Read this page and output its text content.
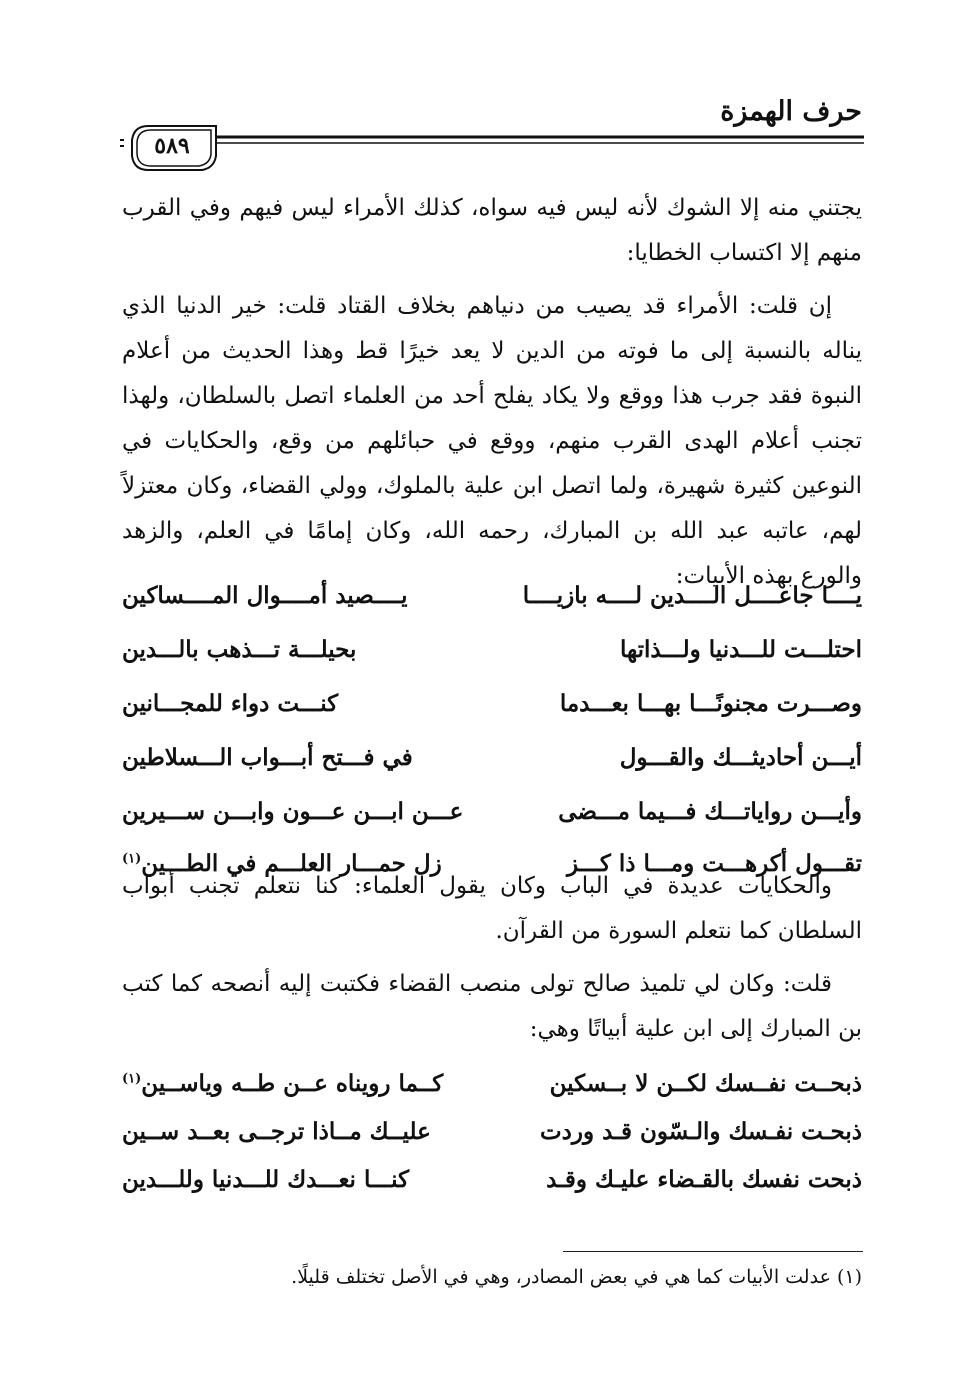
حرف الهمزة
٥٨٩

يجتني منه إلا الشوك لأنه ليس فيه سواه، كذلك الأمراء ليس فيهم وفي القرب منهم إلا اكتساب الخطايا:

إن قلت: الأمراء قد يصيب من دنياهم بخلاف القتاد قلت: خير الدنيا الذي يناله بالنسبة إلى ما فوته من الدين لا يعد خيرًا قط وهذا الحديث من أعلام النبوة فقد جرب هذا ووقع ولا يكاد يفلح أحد من العلماء اتصل بالسلطان، ولهذا تجنب أعلام الهدى القرب منهم، ووقع في حبائلهم من وقع، والحكايات في النوعين كثيرة شهيرة، ولما اتصل ابن علية بالملوك، وولي القضاء، وكان معتزلاً لهم، عاتبه عبد الله بن المبارك، رحمه الله، وكان إمامًا في العلم، والزهد والورع بهذه الأبيات:

يــــا جاعــــل الــــدين لــــه بازيــــا
يــــصيد أمــــوال المــــساكين
احتلـــت للـــدنيا ولـــذاتها
بحيلـــة تـــذهب بالـــدين
وصـــرت مجنونًـــا بهـــا بعـــدما
كنـــت دواء للمجـــانين
أيـــن أحاديثـــك والقـــول
في فـــتح أبـــواب الـــسلاطين
وأيـــن رواياتـــك فـــيما مـــضى
عـــن ابـــن عـــون وابـــن ســـيرين
تقـــول أكرهـــت ومـــا ذا كـــز
زل حمـــار العلـــم في الطـــين$^{(١)}$

والحكايات عديدة في الباب وكان يقول العلماء: كنا نتعلم تجنب أبواب السلطان كما نتعلم السورة من القرآن.

قلت: وكان لي تلميذ صالح تولى منصب القضاء فكتبت إليه أنصحه كما كتب بن المبارك إلى ابن علية أبياتًا وهي:

ذبحــت نفــسك لكــن لا بــسكين
كــما رويناه عــن طــه وياســين$^{(١)}$
ذبحـت نفـسك والـسّون قـد وردت
عليــك مــاذا ترجــى بعــد ســين
ذبحت نفسك بالقـضاء عليـك وقـد
كنـــا نعـــدك للـــدنيا وللـــدين
(١) عدلت الأبيات كما هي في بعض المصادر، وهي في الأصل تختلف قليلًا.
